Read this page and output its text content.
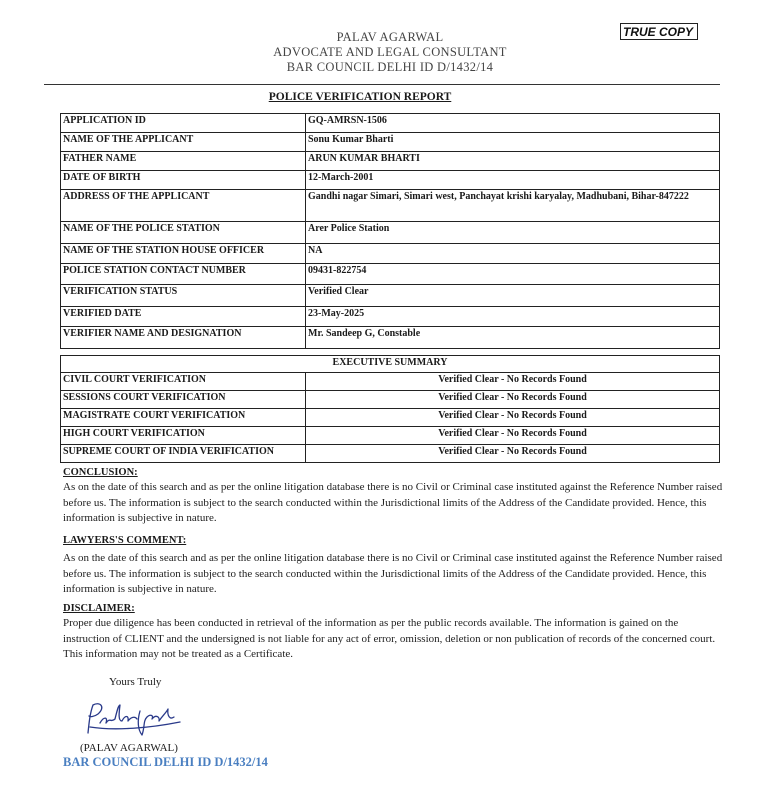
PALAV AGARWAL
ADVOCATE AND LEGAL CONSULTANT
BAR COUNCIL DELHI ID D/1432/14
TRUE COPY
POLICE VERIFICATION REPORT
APPLICATION ID	GQ-AMRSN-1506
NAME OF THE APPLICANT	Sonu Kumar Bharti
FATHER NAME	ARUN KUMAR BHARTI
DATE OF BIRTH	12-March-2001
ADDRESS OF THE APPLICANT	Gandhi nagar Simari, Simari west, Panchayat krishi karyalay, Madhubani, Bihar-847222
NAME OF THE POLICE STATION	Arer Police Station
NAME OF THE STATION HOUSE OFFICER	NA
POLICE STATION CONTACT NUMBER	09431-822754
VERIFICATION STATUS	Verified Clear
VERIFIED DATE	23-May-2025
VERIFIER NAME AND DESIGNATION	Mr. Sandeep G, Constable
EXECUTIVE SUMMARY	
CIVIL COURT VERIFICATION	Verified Clear - No Records Found
SESSIONS COURT VERIFICATION	Verified Clear - No Records Found
MAGISTRATE COURT VERIFICATION	Verified Clear - No Records Found
HIGH COURT VERIFICATION	Verified Clear - No Records Found
SUPREME COURT OF INDIA VERIFICATION	Verified Clear - No Records Found
CONCLUSION:
As on the date of this search and as per the online litigation database there is no Civil or Criminal case instituted against the Reference Number raised before us. The information is subject to the search conducted within the Jurisdictional limits of the Address of the Candidate provided. Hence, this information is subjective in nature.
LAWYERS'S COMMENT:
As on the date of this search and as per the online litigation database there is no Civil or Criminal case instituted against the Reference Number raised before us. The information is subject to the search conducted within the Jurisdictional limits of the Address of the Candidate provided. Hence, this information is subjective in nature.
DISCLAIMER:
Proper due diligence has been conducted in retrieval of the information as per the public records available. The information is gained on the instruction of CLIENT and the undersigned is not liable for any act of error, omission, deletion or non publication of records of the concerned court. This information may not be treated as a Certificate.
Yours Truly
(PALAV AGARWAL)
BAR COUNCIL DELHI ID D/1432/14
